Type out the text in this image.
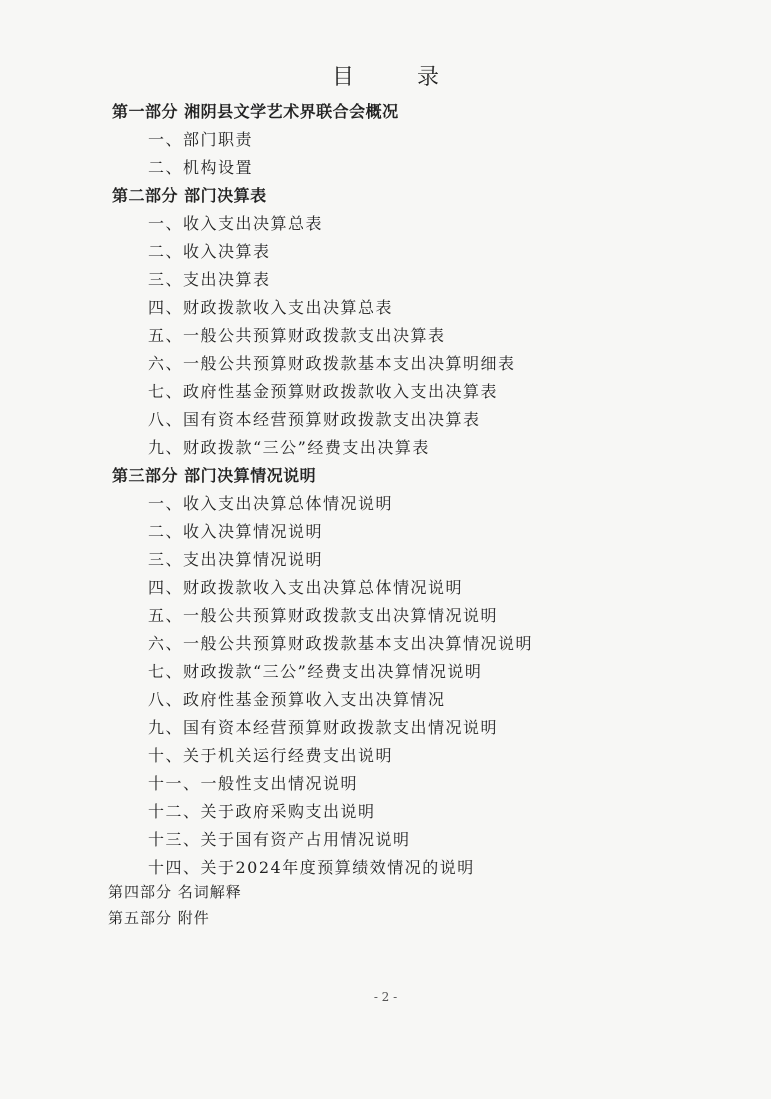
目 录
第一部分 湘阴县文学艺术界联合会概况
一、部门职责
二、机构设置
第二部分 部门决算表
一、收入支出决算总表
二、收入决算表
三、支出决算表
四、财政拨款收入支出决算总表
五、一般公共预算财政拨款支出决算表
六、一般公共预算财政拨款基本支出决算明细表
七、政府性基金预算财政拨款收入支出决算表
八、国有资本经营预算财政拨款支出决算表
九、财政拨款“三公”经费支出决算表
第三部分 部门决算情况说明
一、收入支出决算总体情况说明
二、收入决算情况说明
三、支出决算情况说明
四、财政拨款收入支出决算总体情况说明
五、一般公共预算财政拨款支出决算情况说明
六、一般公共预算财政拨款基本支出决算情况说明
七、财政拨款“三公”经费支出决算情况说明
八、政府性基金预算收入支出决算情况
九、国有资本经营预算财政拨款支出情况说明
十、关于机关运行经费支出说明
十一、一般性支出情况说明
十二、关于政府采购支出说明
十三、关于国有资产占用情况说明
十四、关于2024年度预算绩效情况的说明
第四部分 名词解释
第五部分 附件
- 2 -
